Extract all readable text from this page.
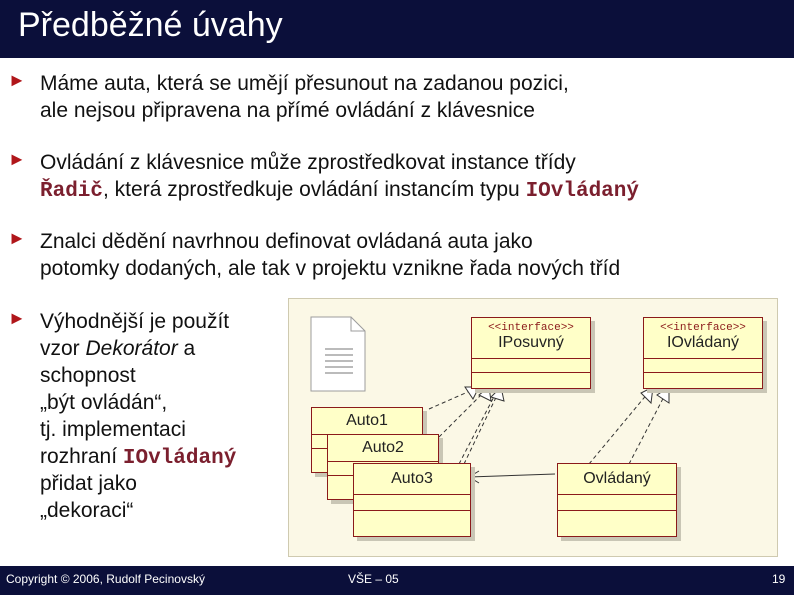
Předběžné úvahy
► Máme auta, která se umějí přesunout na zadanou pozici,
ale nejsou připravena na přímé ovládání z klávesnice
► Ovládání z klávesnice může zprostředkovat instance třídy
Řadič, která zprostředkuje ovládání instancím typu IOvládaný
► Znalci dědění navrhnou definovat ovládaná auta jako
potomky dodaných, ale tak v projektu vznikne řada nových tříd
► Výhodnější je použít
vzor Dekorátor a
schopnost
„být ovládán“,
tj. implementaci
rozhraní IOvládaný
přidat jako
„dekoraci“
<<interface>>
IPosuvný
<<interface>>
IOvládaný
Auto1
Auto2
Auto3	Ovládaný
Copyright © 2006, Rudolf Pecinovský	VŠE – 05	19
